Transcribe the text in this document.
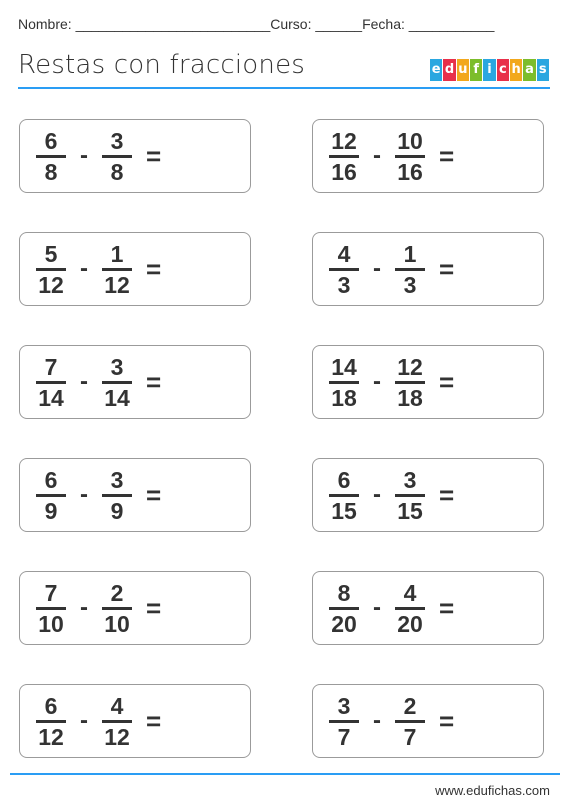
Nombre: _________________________Curso: ______Fecha: ___________
Restas con fracciones	e d u f i c h a s
$\frac{6}{8} - \frac{3}{8}$ =	$\frac{12}{16} - \frac{10}{16}$ =
$\frac{5}{12} - \frac{1}{12}$ =	$\frac{4}{3} - \frac{1}{3}$ =
$\frac{7}{14} - \frac{3}{14}$ =	$\frac{14}{18} - \frac{12}{18}$ =
$\frac{6}{9} - \frac{3}{9}$ =	$\frac{6}{15} - \frac{3}{15}$ =
$\frac{7}{10} - \frac{2}{10}$ =	$\frac{8}{20} - \frac{4}{20}$ =
$\frac{6}{12} - \frac{4}{12}$ =	$\frac{3}{7} - \frac{2}{7}$ =
www.edufichas.com
